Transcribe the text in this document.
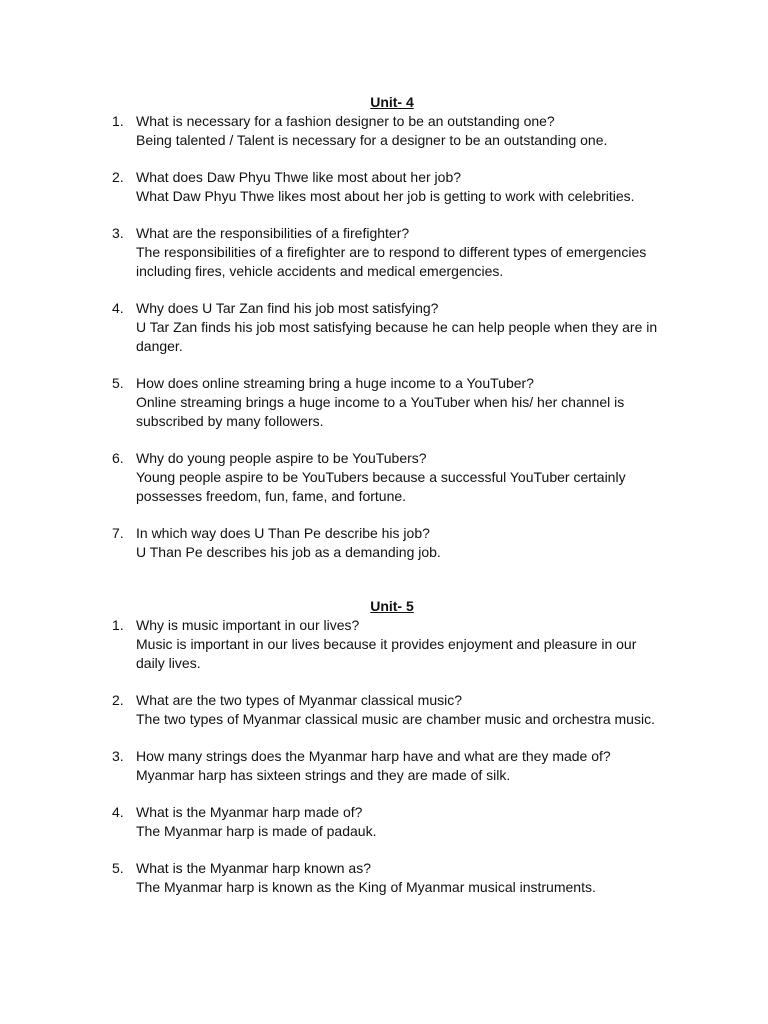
Unit- 4
1. What is necessary for a fashion designer to be an outstanding one?
Being talented / Talent is necessary for a designer to be an outstanding one.
2. What does Daw Phyu Thwe like most about her job?
What Daw Phyu Thwe likes most about her job is getting to work with celebrities.
3. What are the responsibilities of a firefighter?
The responsibilities of a firefighter are to respond to different types of emergencies
including fires, vehicle accidents and medical emergencies.
4. Why does U Tar Zan find his job most satisfying?
U Tar Zan finds his job most satisfying because he can help people when they are in
danger.
5. How does online streaming bring a huge income to a YouTuber?
Online streaming brings a huge income to a YouTuber when his/ her channel is
subscribed by many followers.
6. Why do young people aspire to be YouTubers?
Young people aspire to be YouTubers because a successful YouTuber certainly
possesses freedom, fun, fame, and fortune.
7. In which way does U Than Pe describe his job?
U Than Pe describes his job as a demanding job.
Unit- 5
1. Why is music important in our lives?
Music is important in our lives because it provides enjoyment and pleasure in our
daily lives.
2. What are the two types of Myanmar classical music?
The two types of Myanmar classical music are chamber music and orchestra music.
3. How many strings does the Myanmar harp have and what are they made of?
Myanmar harp has sixteen strings and they are made of silk.
4. What is the Myanmar harp made of?
The Myanmar harp is made of padauk.
5. What is the Myanmar harp known as?
The Myanmar harp is known as the King of Myanmar musical instruments.
